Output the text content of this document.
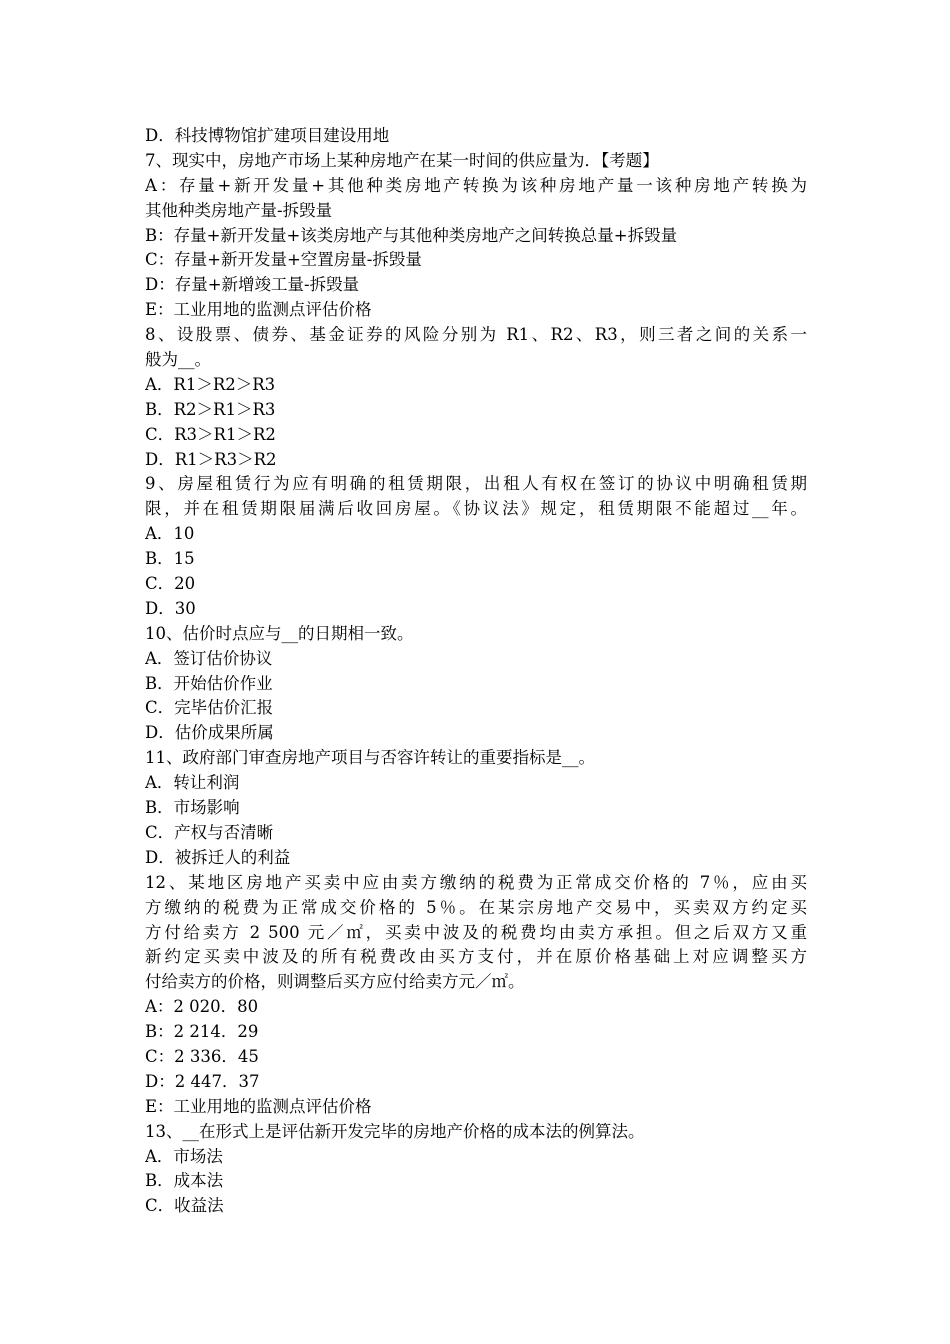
D．科技博物馆扩建项目建设用地
7、现实中，房地产市场上某种房地产在某一时间的供应量为．【考题】
A：存量+新开发量+其他种类房地产转换为该种房地产量一该种房地产转换为
其他种类房地产量-拆毁量
B：存量+新开发量+该类房地产与其他种类房地产之间转换总量+拆毁量
C：存量+新开发量+空置房量-拆毁量
D：存量+新增竣工量-拆毁量
E：工业用地的监测点评估价格
8、设股票、债券、基金证券的风险分别为 R1、R2、R3，则三者之间的关系一
般为__。
A．R1＞R2＞R3
B．R2＞R1＞R3
C．R3＞R1＞R2
D．R1＞R3＞R2
9、房屋租赁行为应有明确的租赁期限，出租人有权在签订的协议中明确租赁期
限，并在租赁期限届满后收回房屋。《协议法》规定，租赁期限不能超过__年。
A．10
B．15
C．20
D．30
10、估价时点应与__的日期相一致。
A．签订估价协议
B．开始估价作业
C．完毕估价汇报
D．估价成果所属
11、政府部门审查房地产项目与否容许转让的重要指标是__。
A．转让利润
B．市场影响
C．产权与否清晰
D．被拆迁人的利益
12、某地区房地产买卖中应由卖方缴纳的税费为正常成交价格的 7％，应由买
方缴纳的税费为正常成交价格的 5％。在某宗房地产交易中，买卖双方约定买
方付给卖方 2 500 元／㎡，买卖中波及的税费均由卖方承担。但之后双方又重
新约定买卖中波及的所有税费改由买方支付，并在原价格基础上对应调整买方
付给卖方的价格，则调整后买方应付给卖方元／㎡。
A：2 020．80
B：2 214．29
C：2 336．45
D：2 447．37
E：工业用地的监测点评估价格
13、__在形式上是评估新开发完毕的房地产价格的成本法的例算法。
A．市场法
B．成本法
C．收益法
